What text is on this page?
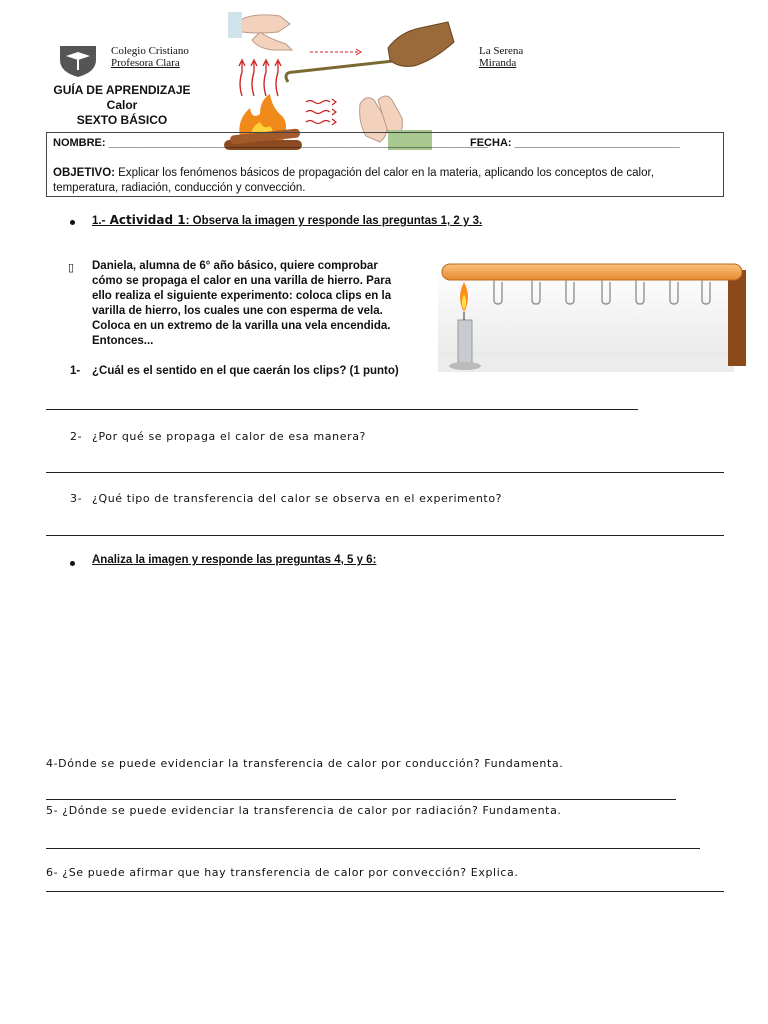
Colegio Cristiano
Profesora Clara
La Serena
Miranda
GUÍA DE APRENDIZAJE
Calor
SEXTO BÁSICO
NOMBRE: ______________________________________________________________
FECHA: ___________________________
OBJETIVO: Explicar los fenómenos básicos de propagación del calor en la materia, aplicando los conceptos de calor,
temperatura, radiación, conducción y convección.
1.- Actividad 1: Observa la imagen y responde las preguntas 1, 2 y 3.
▯ Daniela, alumna de 6° año básico, quiere comprobar
cómo se propaga el calor en una varilla de hierro. Para
ello realiza el siguiente experimento: coloca clips en la
varilla de hierro, los cuales une con esperma de vela.
Coloca en un extremo de la varilla una vela encendida.
Entonces...
1- ¿Cuál es el sentido en el que caerán los clips? (1 punto)
2- ¿Por qué se propaga el calor de esa manera?
3- ¿Qué tipo de transferencia del calor se observa en el experimento?
Analiza la imagen y responde las preguntas 4, 5 y 6:
4-Dónde se puede evidenciar la transferencia de calor por conducción? Fundamenta.
5- ¿Dónde se puede evidenciar la transferencia de calor por radiación? Fundamenta.
6- ¿Se puede afirmar que hay transferencia de calor por convección? Explica.
